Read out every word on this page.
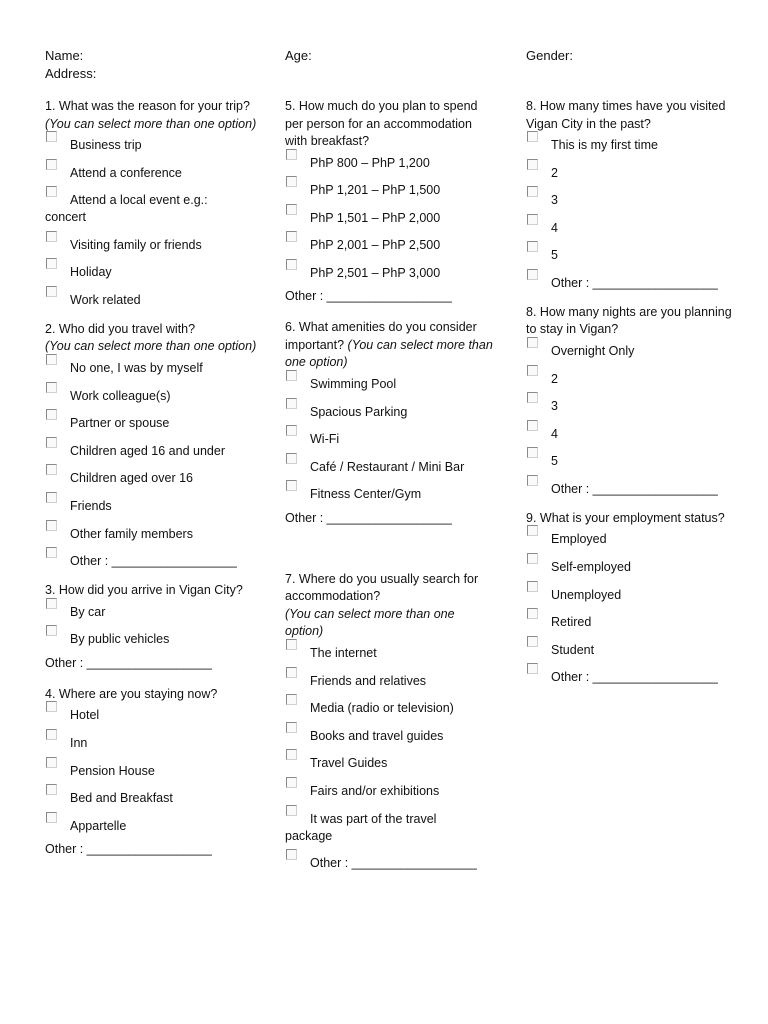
Name:
Address:
Age:	Gender:
1. What was the reason for your trip? (You can select more than one option)
Business trip
Attend a conference
Attend a local event e.g.:
concert
Visiting family or friends
Holiday
Work related
2. Who did you travel with?
(You can select more than one option)
No one, I was by myself
Work colleague(s)
Partner or spouse
Children aged 16 and under
Children aged over 16
Friends
Other family members
Other : __________________
3. How did you arrive in Vigan City?
By car
By public vehicles
Other : __________________
4. Where are you staying now?
Hotel
Inn
Pension House
Bed and Breakfast
Appartelle
Other : __________________
5. How much do you plan to spend per person for an accommodation with breakfast?
PhP 800 – PhP 1,200
PhP 1,201 – PhP 1,500
PhP 1,501 – PhP 2,000
PhP 2,001 – PhP 2,500
PhP 2,501 – PhP 3,000
Other : __________________
6. What amenities do you consider important? (You can select more than one option)
Swimming Pool
Spacious Parking
Wi-Fi
Café / Restaurant / Mini Bar
Fitness Center/Gym
Other : __________________
7. Where do you usually search for accommodation?
(You can select more than one option)
The internet
Friends and relatives
Media (radio or television)
Books and travel guides
Travel Guides
Fairs and/or exhibitions
It was part of the travel
package
Other : __________________
8. How many times have you visited Vigan City in the past?
This is my first time
2
3
4
5
Other : __________________
8. How many nights are you planning to stay in Vigan?
Overnight Only
2
3
4
5
Other : __________________
9. What is your employment status?
Employed
Self-employed
Unemployed
Retired
Student
Other : __________________
